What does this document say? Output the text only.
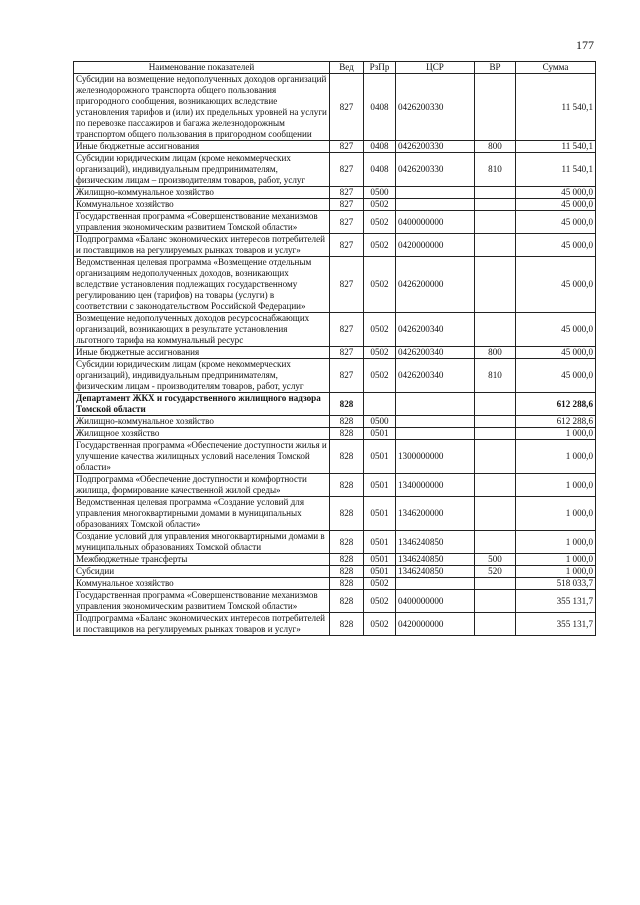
177
Наименование показателей	Вед	РзПр	ЦСР	ВР	Сумма
Субсидии на возмещение недополученных доходов организаций железнодорожного транспорта общего пользования пригородного сообщения, возникающих вследствие установления тарифов и (или) их предельных уровней на услуги по перевозке пассажиров и багажа железнодорожным транспортом общего пользования в пригородном сообщении	827	0408	0426200330		11 540,1
Иные бюджетные ассигнования	827	0408	0426200330	800	11 540,1
Субсидии юридическим лицам (кроме некоммерческих организаций), индивидуальным предпринимателям, физическим лицам – производителям товаров, работ, услуг	827	0408	0426200330	810	11 540,1
Жилищно-коммунальное хозяйство	827	0500			45 000,0
Коммунальное хозяйство	827	0502			45 000,0
Государственная программа «Совершенствование механизмов управления экономическим развитием Томской области»	827	0502	0400000000		45 000,0
Подпрограмма «Баланс экономических интересов потребителей и поставщиков на регулируемых рынках товаров и услуг»	827	0502	0420000000		45 000,0
Ведомственная целевая программа «Возмещение отдельным организациям недополученных доходов, возникающих вследствие установления подлежащих государственному регулированию цен (тарифов) на товары (услуги) в соответствии с законодательством Российской Федерации»	827	0502	0426200000		45 000,0
Возмещение недополученных доходов ресурсоснабжающих организаций, возникающих в результате установления льготного тарифа на коммунальный ресурс	827	0502	0426200340		45 000,0
Иные бюджетные ассигнования	827	0502	0426200340	800	45 000,0
Субсидии юридическим лицам (кроме некоммерческих организаций), индивидуальным предпринимателям, физическим лицам - производителям товаров, работ, услуг	827	0502	0426200340	810	45 000,0
Департамент ЖКХ и государственного жилищного надзора Томской области	828				612 288,6
Жилищно-коммунальное хозяйство	828	0500			612 288,6
Жилищное хозяйство	828	0501			1 000,0
Государственная программа «Обеспечение доступности жилья и улучшение качества жилищных условий населения Томской области»	828	0501	1300000000		1 000,0
Подпрограмма «Обеспечение доступности и комфортности жилища, формирование качественной жилой среды»	828	0501	1340000000		1 000,0
Ведомственная целевая программа «Создание условий для управления многоквартирными домами в муниципальных образованиях Томской области»	828	0501	1346200000		1 000,0
Создание условий для управления многоквартирными домами в муниципальных образованиях Томской области	828	0501	1346240850		1 000,0
Межбюджетные трансферты	828	0501	1346240850	500	1 000,0
Субсидии	828	0501	1346240850	520	1 000,0
Коммунальное хозяйство	828	0502			518 033,7
Государственная программа «Совершенствование механизмов управления экономическим развитием Томской области»	828	0502	0400000000		355 131,7
Подпрограмма «Баланс экономических интересов потребителей и поставщиков на регулируемых рынках товаров и услуг»	828	0502	0420000000		355 131,7
